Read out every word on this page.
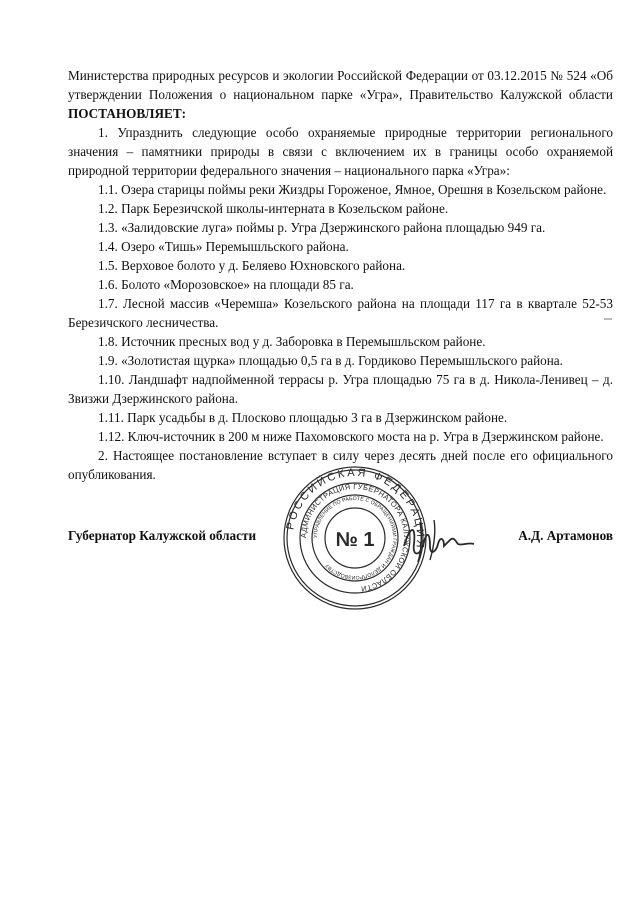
Министерства природных ресурсов и экологии Российской Федерации от 03.12.2015 № 524 «Об утверждении Положения о национальном парке «Угра», Правительство Калужской области ПОСТАНОВЛЯЕТ:

1. Упразднить следующие особо охраняемые природные территории регионального значения – памятники природы в связи с включением их в границы особо охраняемой природной территории федерального значения – национального парка «Угра»:

1.1. Озера старицы поймы реки Жиздры Гороженое, Ямное, Орешня в Козельском районе.

1.2. Парк Березичской школы-интерната в Козельском районе.

1.3. «Залидовские луга» поймы р. Угра Дзержинского района площадью 949 га.

1.4. Озеро «Тишь» Перемышльского района.

1.5. Верховое болото у д. Беляево Юхновского района.

1.6. Болото «Морозовское» на площади 85 га.

1.7. Лесной массив «Черемша» Козельского района на площади 117 га в квартале 52-53 Березичского лесничества.

1.8. Источник пресных вод у д. Заборовка в Перемышльском районе.

1.9. «Золотистая щурка» площадью 0,5 га в д. Гордиково Перемышльского района.

1.10. Ландшафт надпойменной террасы р. Угра площадью 75 га в д. Никола-Ленивец – д. Звизжи Дзержинского района.

1.11. Парк усадьбы в д. Плосково площадью 3 га в Дзержинском районе.

1.12. Ключ-источник в 200 м ниже Пахомовского моста на р. Угра в Дзержинском районе.

2. Настоящее постановление вступает в силу через десять дней после его официального опубликования.

РОССИЙСКАЯ ФЕДЕРАЦИЯ
АДМИНИСТРАЦИЯ ГУБЕРНАТОРА КАЛУЖСКОЙ ОБЛАСТИ
УПРАВЛЕНИЕ ПО РАБОТЕ С ОБРАЩЕНИЯМИ ГРАЖДАН И ДЕЛОПРОИЗВОДСТВУ
№ 1
Губернатор Калужской области	А.Д. Артамонов
